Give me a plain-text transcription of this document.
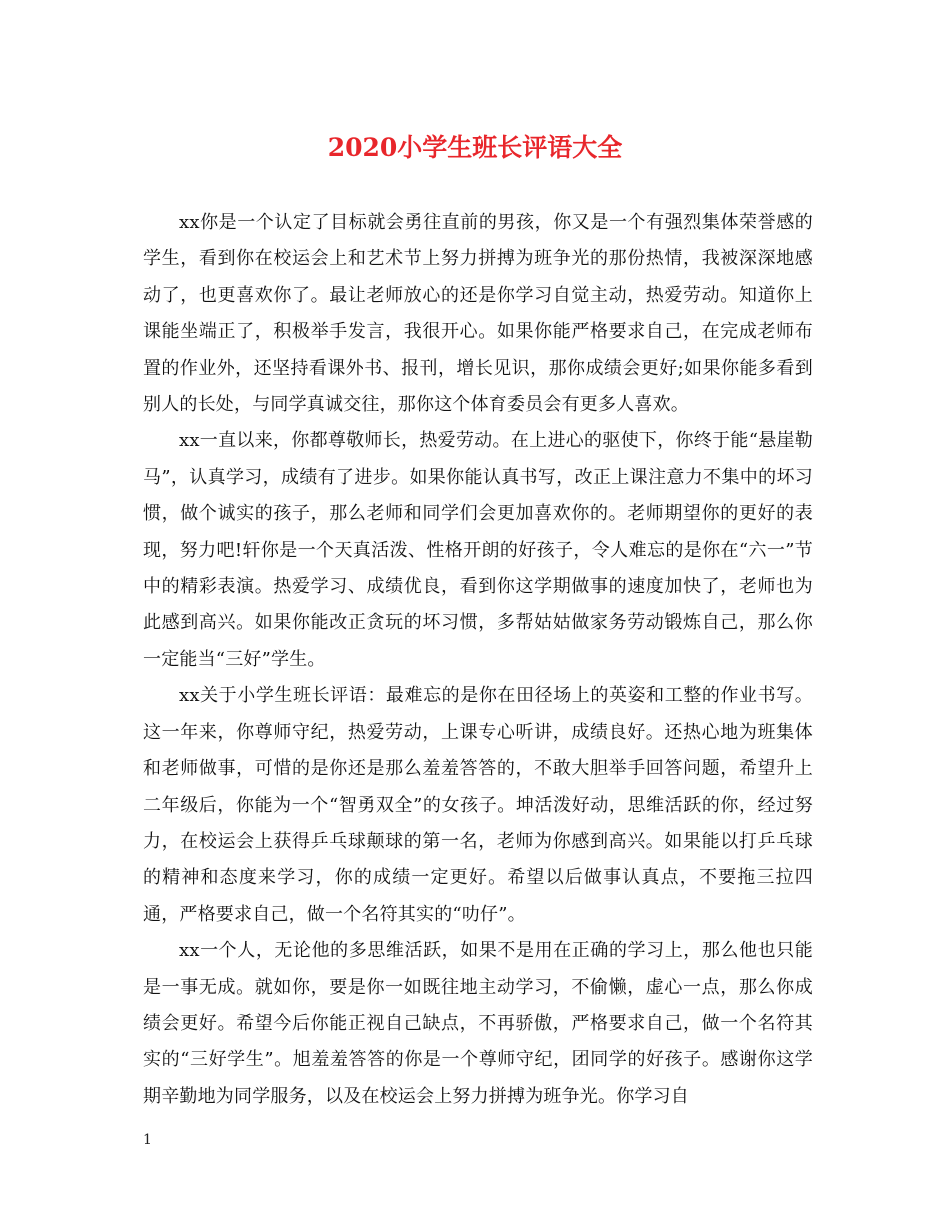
2020小学生班长评语大全

xx你是一个认定了目标就会勇往直前的男孩，你又是一个有强烈集体荣誉感的学生，看到你在校运会上和艺术节上努力拼搏为班争光的那份热情，我被深深地感动了，也更喜欢你了。最让老师放心的还是你学习自觉主动，热爱劳动。知道你上课能坐端正了，积极举手发言，我很开心。如果你能严格要求自己，在完成老师布置的作业外，还坚持看课外书、报刊，增长见识，那你成绩会更好;如果你能多看到别人的长处，与同学真诚交往，那你这个体育委员会有更多人喜欢。

xx一直以来，你都尊敬师长，热爱劳动。在上进心的驱使下，你终于能“悬崖勒马”，认真学习，成绩有了进步。如果你能认真书写，改正上课注意力不集中的坏习惯，做个诚实的孩子，那么老师和同学们会更加喜欢你的。老师期望你的更好的表现，努力吧!轩你是一个天真活泼、性格开朗的好孩子，令人难忘的是你在“六一”节中的精彩表演。热爱学习、成绩优良，看到你这学期做事的速度加快了，老师也为此感到高兴。如果你能改正贪玩的坏习惯，多帮姑姑做家务劳动锻炼自己，那么你一定能当“三好”学生。

xx关于小学生班长评语：最难忘的是你在田径场上的英姿和工整的作业书写。这一年来，你尊师守纪，热爱劳动，上课专心听讲，成绩良好。还热心地为班集体和老师做事，可惜的是你还是那么羞羞答答的，不敢大胆举手回答问题，希望升上二年级后，你能为一个“智勇双全”的女孩子。坤活泼好动，思维活跃的你，经过努力，在校运会上获得乒乓球颠球的第一名，老师为你感到高兴。如果能以打乒乓球的精神和态度来学习，你的成绩一定更好。希望以后做事认真点，不要拖三拉四通，严格要求自己，做一个名符其实的“叻仔”。

xx一个人，无论他的多思维活跃，如果不是用在正确的学习上，那么他也只能是一事无成。就如你，要是你一如既往地主动学习，不偷懒，虚心一点，那么你成绩会更好。希望今后你能正视自己缺点，不再骄傲，严格要求自己，做一个名符其实的“三好学生”。旭羞羞答答的你是一个尊师守纪，团同学的好孩子。感谢你这学期辛勤地为同学服务，以及在校运会上努力拼搏为班争光。你学习自

1
